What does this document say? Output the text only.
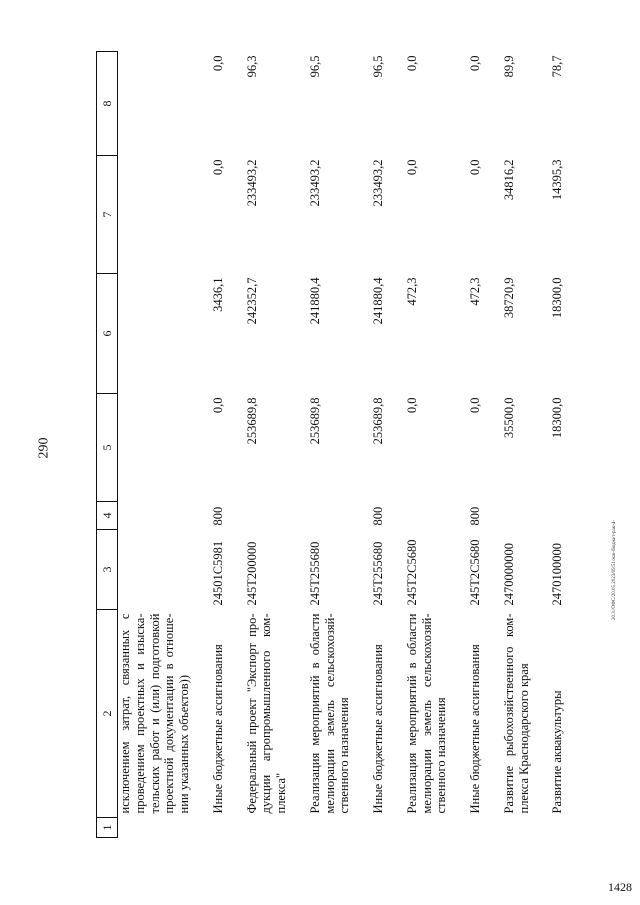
290
1428
20.3./ОФС/20.05.2023/09:51/жж-бюджет-рак-4-
1	2	3	4	5	6	7	8
	исключением затрат, связанных с проведением проектных и изыска-тельских работ и (или) подготовкой проектной документации в отноше-нии указанных объектов))						
	Иные бюджетные ассигнования	24501C5981	800	0,0	3436,1	0,0	0,0
	Федеральный проект "Экспорт про-дукции агропромышленного ком-плекса"	245T200000		253689,8	242352,7	233493,2	96,3
	Реализация мероприятий в области мелиорации земель сельскохозяй-ственного назначения	245T255680		253689,8	241880,4	233493,2	96,5
	Иные бюджетные ассигнования	245T255680	800	253689,8	241880,4	233493,2	96,5
	Реализация мероприятий в области мелиорации земель сельскохозяй-ственного назначения	245T2C5680		0,0	472,3	0,0	0,0
	Иные бюджетные ассигнования	245T2C5680	800	0,0	472,3	0,0	0,0
	Развитие рыбохозяйственного ком-плекса Краснодарского края	2470000000		35500,0	38720,9	34816,2	89,9
	Развитие аквакультуры	2470100000		18300,0	18300,0	14395,3	78,7
